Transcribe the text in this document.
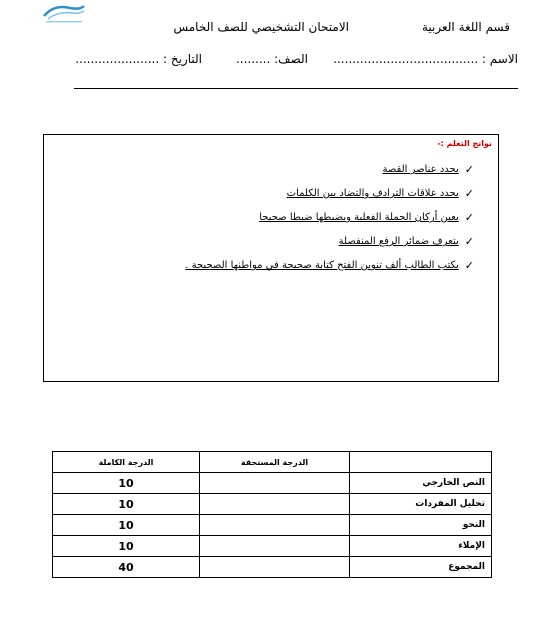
قسم اللغة العربية
الامتحان التشخيصي للصف الخامس
الاسم : ......................................
الصف: .........
التاريخ : ......................
نواتج التعلم :-
✓
يحدد عناصر القصة
✓
يحدد علاقات الترادف والتضاد بين الكلمات
✓
يعين أركان الجملة الفعلية ويضبطها ضبطا صحيحا
✓
يتعرف ضمائر الرفع المنفصلة
✓
يكتب الطالب ألف تنوين الفتح كتابة صحيحة في مواطنها الصحيحة .
	الدرجة المستحقة	الدرجة الكاملة
النص الخارجي		10
تحليل المفردات		10
النحو		10
الإملاء		10
المجموع		40
